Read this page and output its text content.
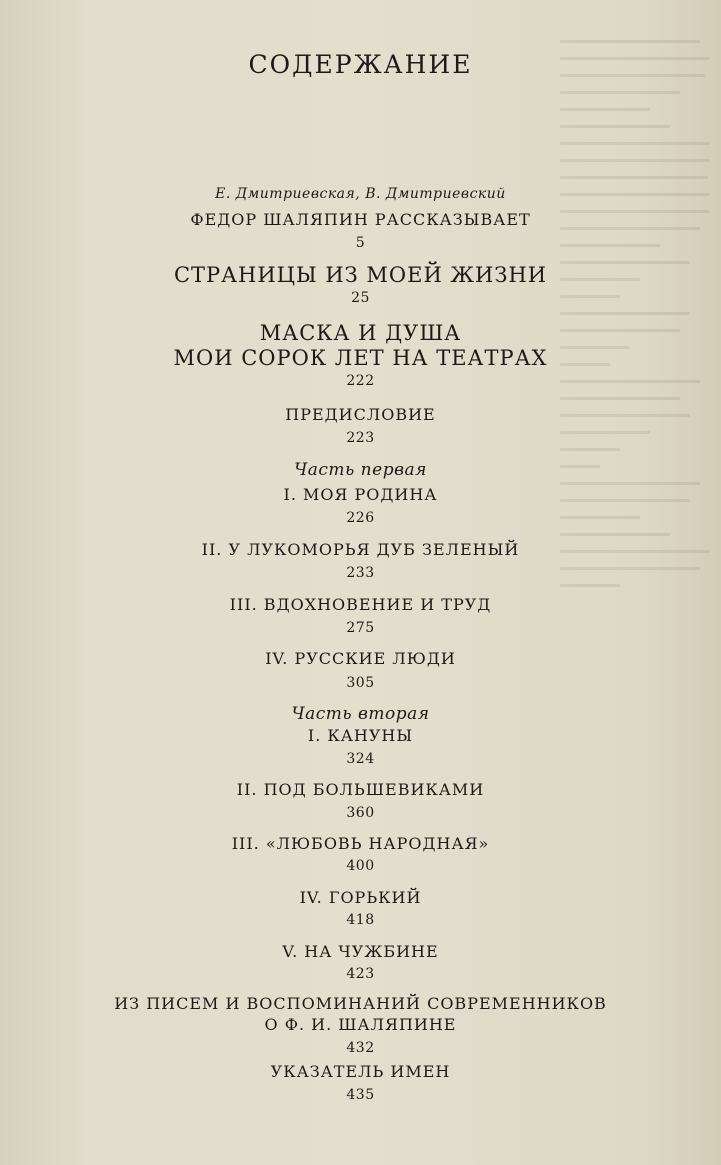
СОДЕРЖАНИЕ
Е. Дмитриевская, В. Дмитриевский
ФЕДОР ШАЛЯПИН РАССКАЗЫВАЕТ
5
СТРАНИЦЫ ИЗ МОЕЙ ЖИЗНИ
25
МАСКА И ДУША
МОИ СОРОК ЛЕТ НА ТЕАТРАХ
222
ПРЕДИСЛОВИЕ
223
Часть первая
I. МОЯ РОДИНА
226
II. У ЛУКОМОРЬЯ ДУБ ЗЕЛЕНЫЙ
233
III. ВДОХНОВЕНИЕ И ТРУД
275
IV. РУССКИЕ ЛЮДИ
305
Часть вторая
I. КАНУНЫ
324
II. ПОД БОЛЬШЕВИКАМИ
360
III. «ЛЮБОВЬ НАРОДНАЯ»
400
IV. ГОРЬКИЙ
418
V. НА ЧУЖБИНЕ
423
ИЗ ПИСЕМ И ВОСПОМИНАНИЙ СОВРЕМЕННИКОВ
О Ф. И. ШАЛЯПИНЕ
432
УКАЗАТЕЛЬ ИМЕН
435
